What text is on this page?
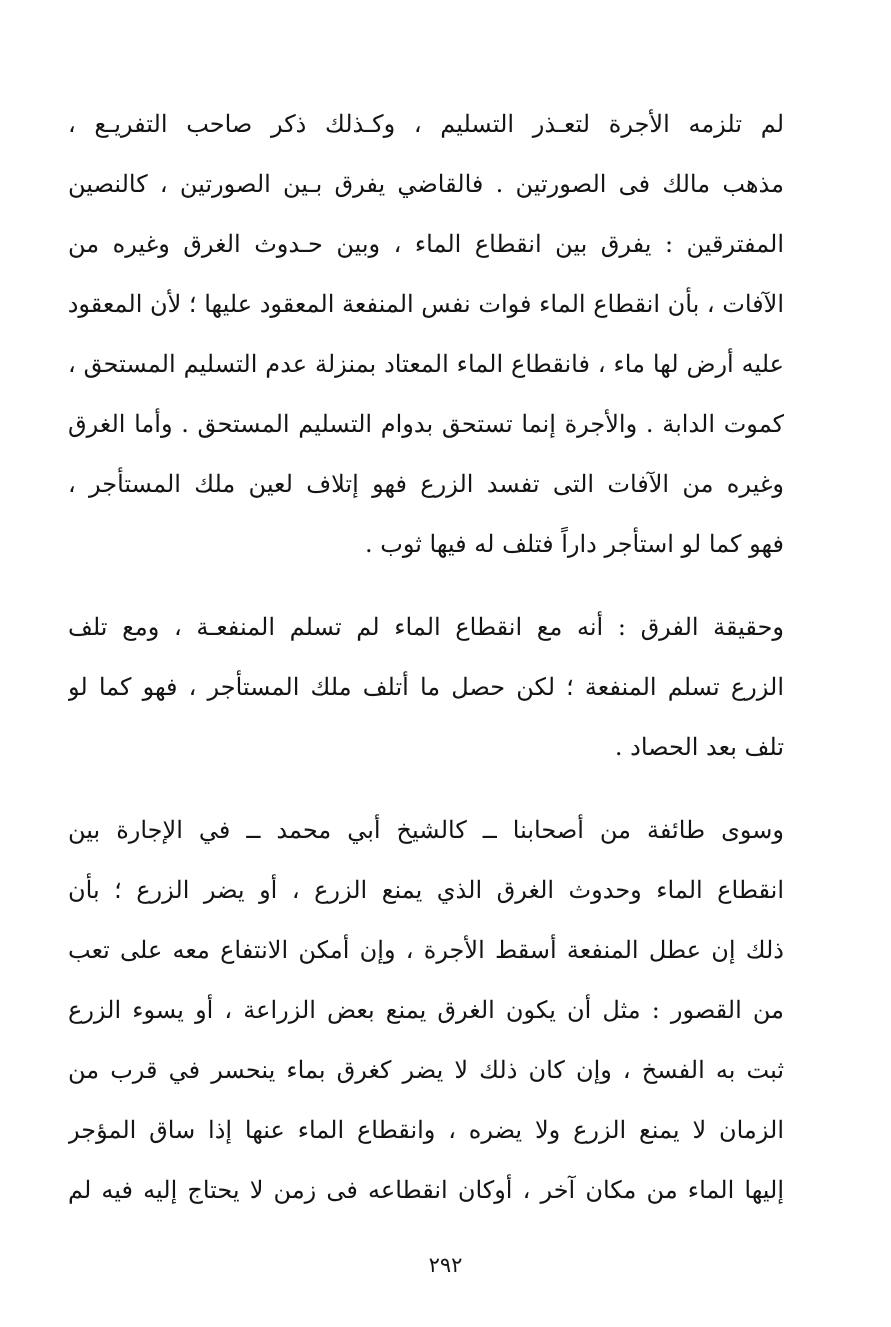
لم تلزمه الأجرة لتعـذر التسليم ، وكـذلك ذكر صاحب التفريـع ،
مذهب مالك فى الصورتين . فالقاضي يفرق بـين الصورتين ، كالنصين
المفترقين : يفرق بين انقطاع الماء ، وبين حـدوث الغرق وغيره من
الآفات ، بأن انقطاع الماء فوات نفس المنفعة المعقود عليها ؛ لأن المعقود
عليه أرض لها ماء ، فانقطاع الماء المعتاد بمنزلة عدم التسليم المستحق ،
كموت الدابة . والأجرة إنما تستحق بدوام التسليم المستحق . وأما الغرق
وغيره من الآفات التى تفسد الزرع فهو إتلاف لعين ملك المستأجر ،
فهو كما لو استأجر داراً فتلف له فيها ثوب .
وحقيقة الفرق : أنه مع انقطاع الماء لم تسلم المنفعـة ، ومع تلف
الزرع تسلم المنفعة ؛ لكن حصل ما أتلف ملك المستأجر ، فهو كما لو
تلف بعد الحصاد .
وسوى طائفة من أصحابنا ــ كالشيخ أبي محمد ــ في الإجارة بين
انقطاع الماء وحدوث الغرق الذي يمنع الزرع ، أو يضر الزرع ؛ بأن
ذلك إن عطل المنفعة أسقط الأجرة ، وإن أمكن الانتفاع معه على تعب
من القصور : مثل أن يكون الغرق يمنع بعض الزراعة ، أو يسوء الزرع
ثبت به الفسخ ، وإن كان ذلك لا يضر كغرق بماء ينحسر في قرب من
الزمان لا يمنع الزرع ولا يضره ، وانقطاع الماء عنها إذا ساق المؤجر
إليها الماء من مكان آخر ، أوكان انقطاعه فى زمن لا يحتاج إليه فيه لم
٢٩٢
